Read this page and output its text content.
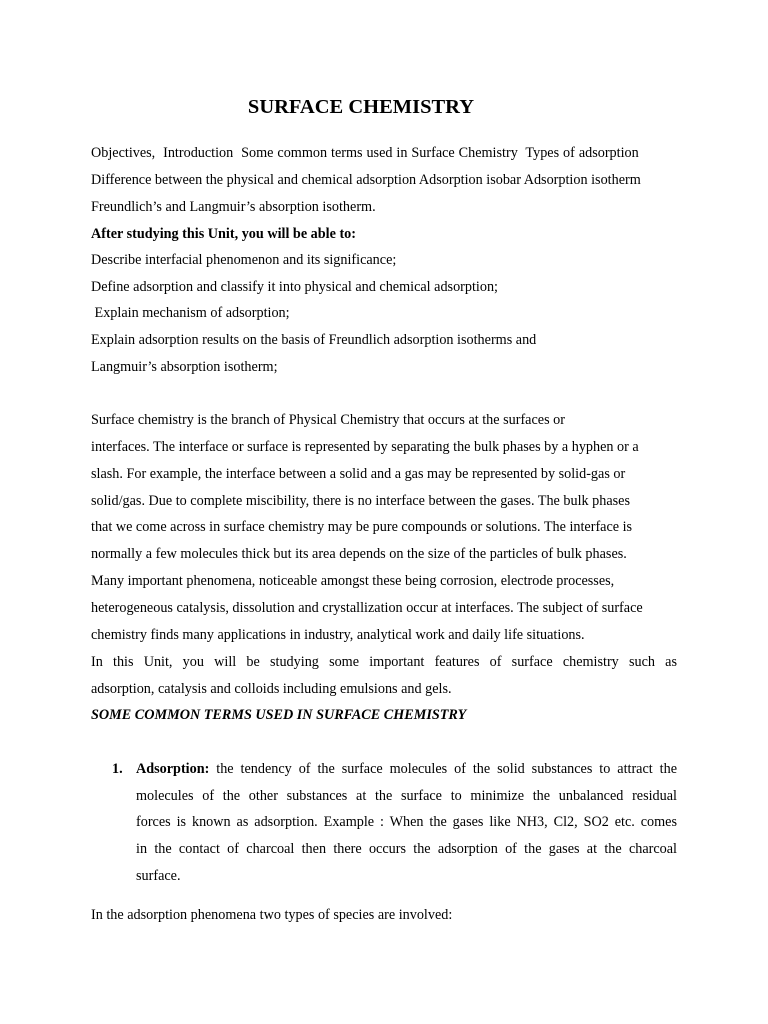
SURFACE CHEMISTRY
Objectives,  Introduction  Some common terms used in Surface Chemistry  Types of adsorption
Difference between the physical and chemical adsorption Adsorption isobar Adsorption isotherm
Freundlich’s and Langmuir’s absorption isotherm.
After studying this Unit, you will be able to:
Describe interfacial phenomenon and its significance;
Define adsorption and classify it into physical and chemical adsorption;
Explain mechanism of adsorption;
Explain adsorption results on the basis of Freundlich adsorption isotherms and
Langmuir’s absorption isotherm;
Surface chemistry is the branch of Physical Chemistry that occurs at the surfaces or
interfaces. The interface or surface is represented by separating the bulk phases by a hyphen or a
slash. For example, the interface between a solid and a gas may be represented by solid-gas or
solid/gas. Due to complete miscibility, there is no interface between the gases. The bulk phases
that we come across in surface chemistry may be pure compounds or solutions. The interface is
normally a few molecules thick but its area depends on the size of the particles of bulk phases.
Many important phenomena, noticeable amongst these being corrosion, electrode processes,
heterogeneous catalysis, dissolution and crystallization occur at interfaces. The subject of surface
chemistry finds many applications in industry, analytical work and daily life situations.
In this Unit, you will be studying some important features of surface chemistry such as
adsorption, catalysis and colloids including emulsions and gels.
SOME COMMON TERMS USED IN SURFACE CHEMISTRY
1. Adsorption: the tendency of the surface molecules of the solid substances to attract the
molecules of the other substances at the surface to minimize the unbalanced residual
forces is known as adsorption. Example : When the gases like NH3, Cl2, SO2 etc. comes
in the contact of charcoal then there occurs the adsorption of the gases at the charcoal
surface.
In the adsorption phenomena two types of species are involved:
